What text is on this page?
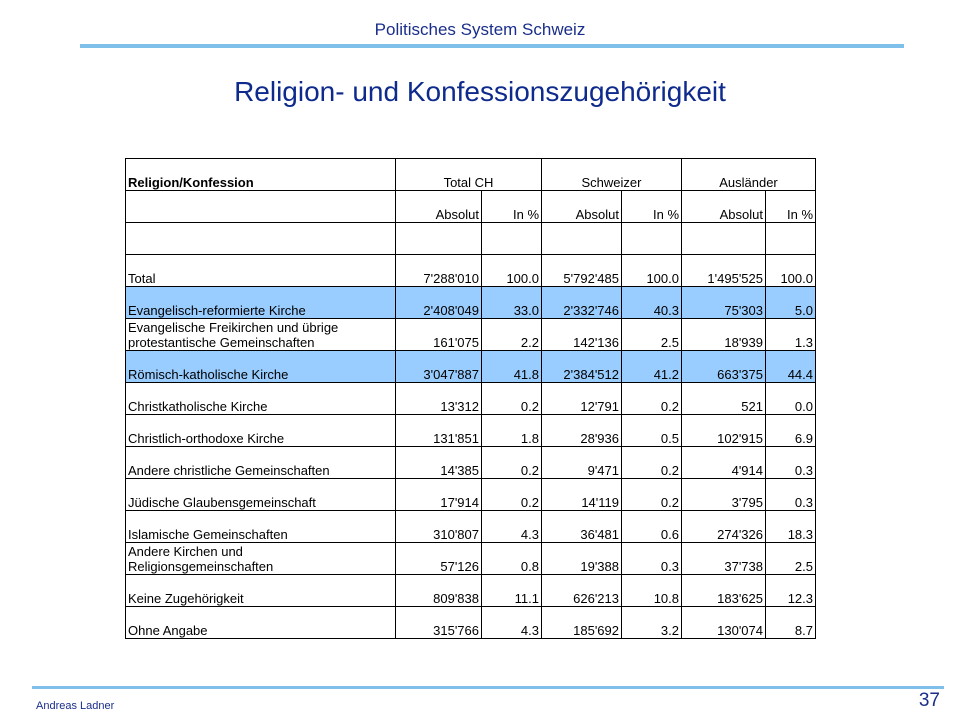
Politisches System Schweiz
Religion- und Konfessionszugehörigkeit
Religion/Konfession	Total CH		Schweizer		Ausländer	
	Absolut	In %	Absolut	In %	Absolut	In %

Total	7'288'010	100.0	5'792'485	100.0	1'495'525	100.0
Evangelisch-reformierte Kirche	2'408'049	33.0	2'332'746	40.3	75'303	5.0
Evangelische Freikirchen und übrige
protestantische Gemeinschaften	161'075	2.2	142'136	2.5	18'939	1.3
Römisch-katholische Kirche	3'047'887	41.8	2'384'512	41.2	663'375	44.4
Christkatholische Kirche	13'312	0.2	12'791	0.2	521	0.0
Christlich-orthodoxe Kirche	131'851	1.8	28'936	0.5	102'915	6.9
Andere christliche Gemeinschaften	14'385	0.2	9'471	0.2	4'914	0.3
Jüdische Glaubensgemeinschaft	17'914	0.2	14'119	0.2	3'795	0.3
Islamische Gemeinschaften	310'807	4.3	36'481	0.6	274'326	18.3
Andere Kirchen und
Religionsgemeinschaften	57'126	0.8	19'388	0.3	37'738	2.5
Keine Zugehörigkeit	809'838	11.1	626'213	10.8	183'625	12.3
Ohne Angabe	315'766	4.3	185'692	3.2	130'074	8.7
Andreas Ladner	37
